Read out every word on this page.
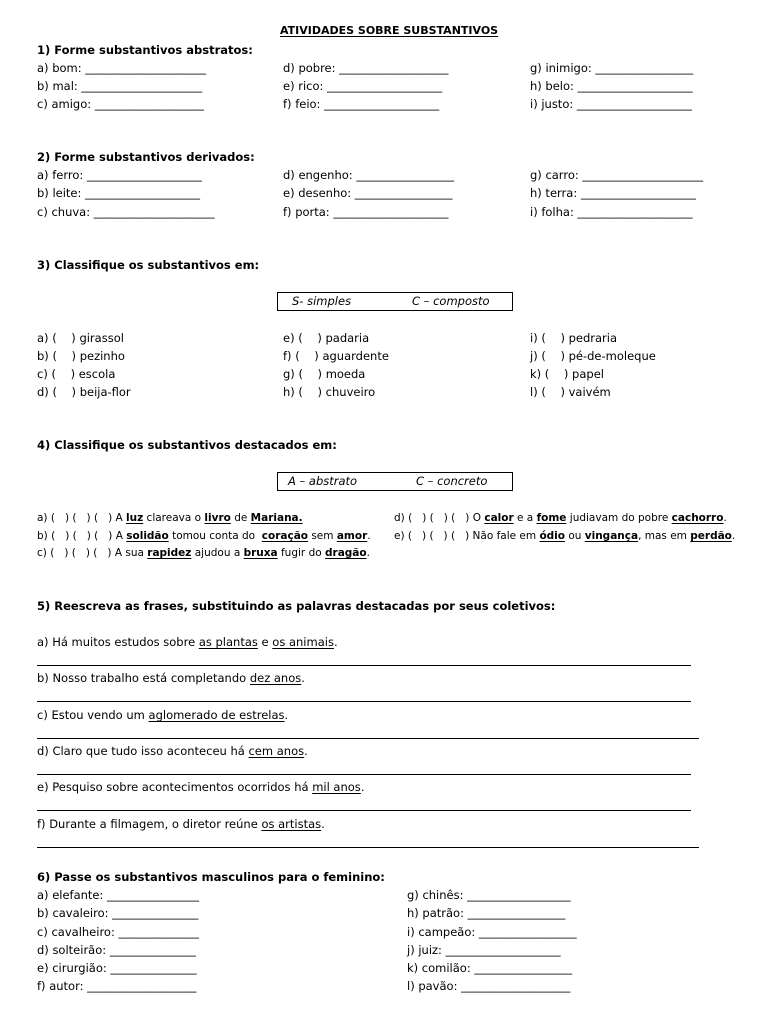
ATIVIDADES SOBRE SUBSTANTIVOS
1) Forme substantivos abstratos:
a) bom: _____________________	d) pobre: ___________________	g) inimigo: _________________
b) mal: _____________________	e) rico: ____________________	h) belo: ____________________
c) amigo: ___________________	f) feio: ____________________	i) justo: ____________________
2) Forme substantivos derivados:
a) ferro: ____________________	d) engenho: _________________	g) carro: _____________________
b) leite: ____________________	e) desenho: _________________	h) terra: ____________________
c) chuva: _____________________	f) porta: ____________________	i) folha: ____________________
3) Classifique os substantivos em:
S- simples	C – composto
a) (    ) girassol	e) (    ) padaria	i) (    ) pedraria
b) (    ) pezinho	f) (    ) aguardente	j) (    ) pé-de-moleque
c) (    ) escola	g) (    ) moeda	k) (    ) papel
d) (    ) beija-flor	h) (    ) chuveiro	l) (    ) vaivém
4) Classifique os substantivos destacados em:
A – abstrato	C – concreto
a) (   ) (   ) (   ) A luz clareava o livro de Mariana.
b) (   ) (   ) (   ) A solidão tomou conta do  coração sem amor.
c) (   ) (   ) (   ) A sua rapidez ajudou a bruxa fugir do dragão.
d) (   ) (   ) (   ) O calor e a fome judiavam do pobre cachorro.
e) (   ) (   ) (   ) Não fale em ódio ou vingança, mas em perdão.
5) Reescreva as frases, substituindo as palavras destacadas por seus coletivos:
a) Há muitos estudos sobre as plantas e os animais.
b) Nosso trabalho está completando dez anos.
c) Estou vendo um aglomerado de estrelas.
d) Claro que tudo isso aconteceu há cem anos.
e) Pesquiso sobre acontecimentos ocorridos há mil anos.
f) Durante a filmagem, o diretor reúne os artistas.
6) Passe os substantivos masculinos para o feminino:
a) elefante: ________________	g) chinês: __________________
b) cavaleiro: _______________	h) patrão: _________________
c) cavalheiro: ______________	i) campeão: _________________
d) solteirão: _______________	j) juiz: ____________________
e) cirurgião: _______________	k) comilão: _________________
f) autor: ___________________	l) pavão: ___________________
